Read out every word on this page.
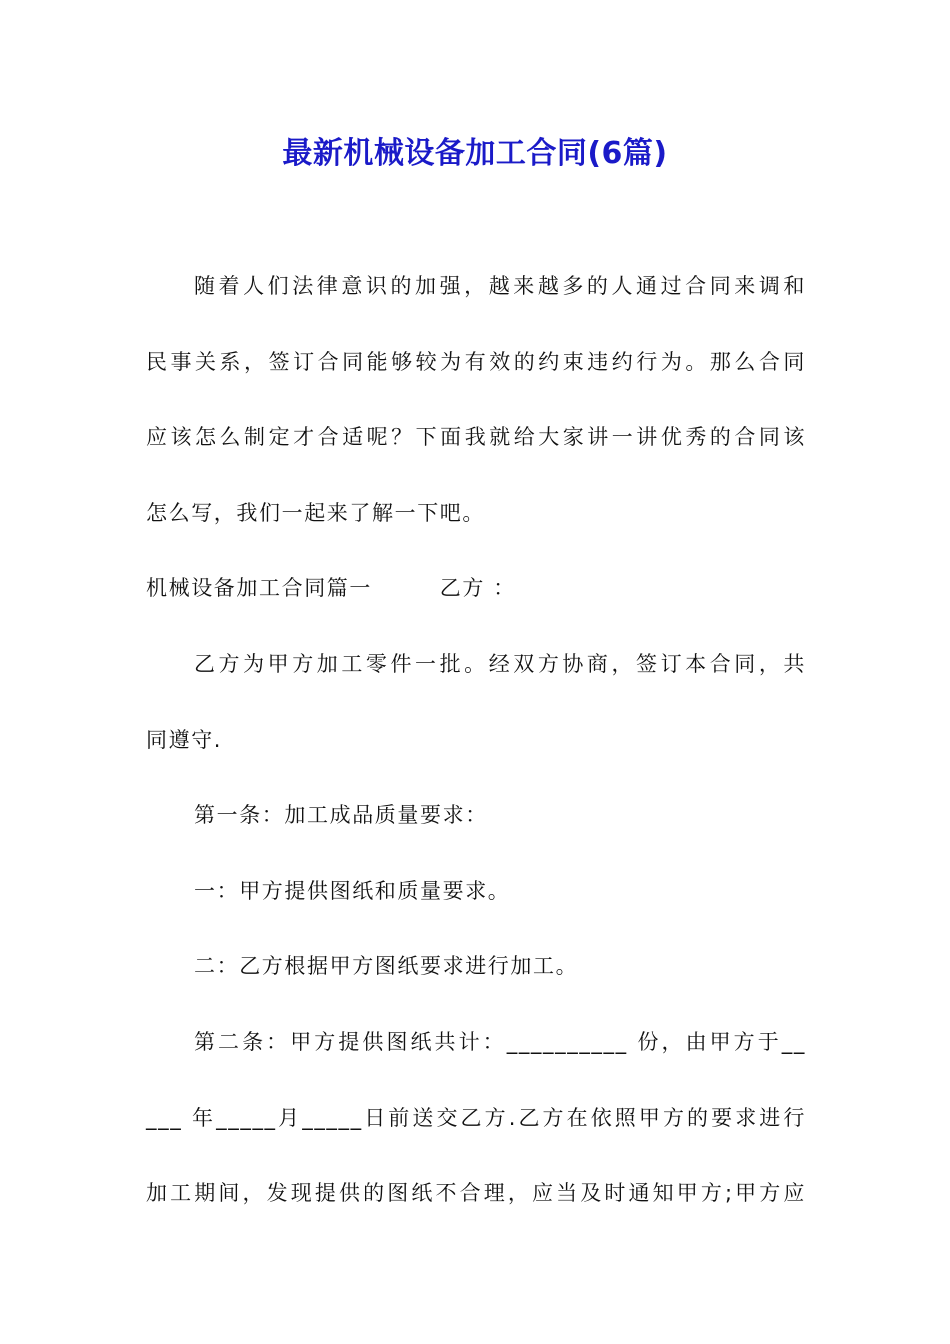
最新机械设备加工合同(6篇)
随着人们法律意识的加强，越来越多的人通过合同来调和
民事关系，签订合同能够较为有效的约束违约行为。那么合同
应该怎么制定才合适呢？下面我就给大家讲一讲优秀的合同该
怎么写，我们一起来了解一下吧。
机械设备加工合同篇一　　　乙方 ：
乙方为甲方加工零件一批。经双方协商，签订本合同，共
同遵守.
第一条：加工成品质量要求：
一：甲方提供图纸和质量要求。
二：乙方根据甲方图纸要求进行加工。
第二条：甲方提供图纸共计：__________ 份，由甲方于__
___ 年_____月_____日前送交乙方.乙方在依照甲方的要求进行
加工期间，发现提供的图纸不合理，应当及时通知甲方;甲方应
